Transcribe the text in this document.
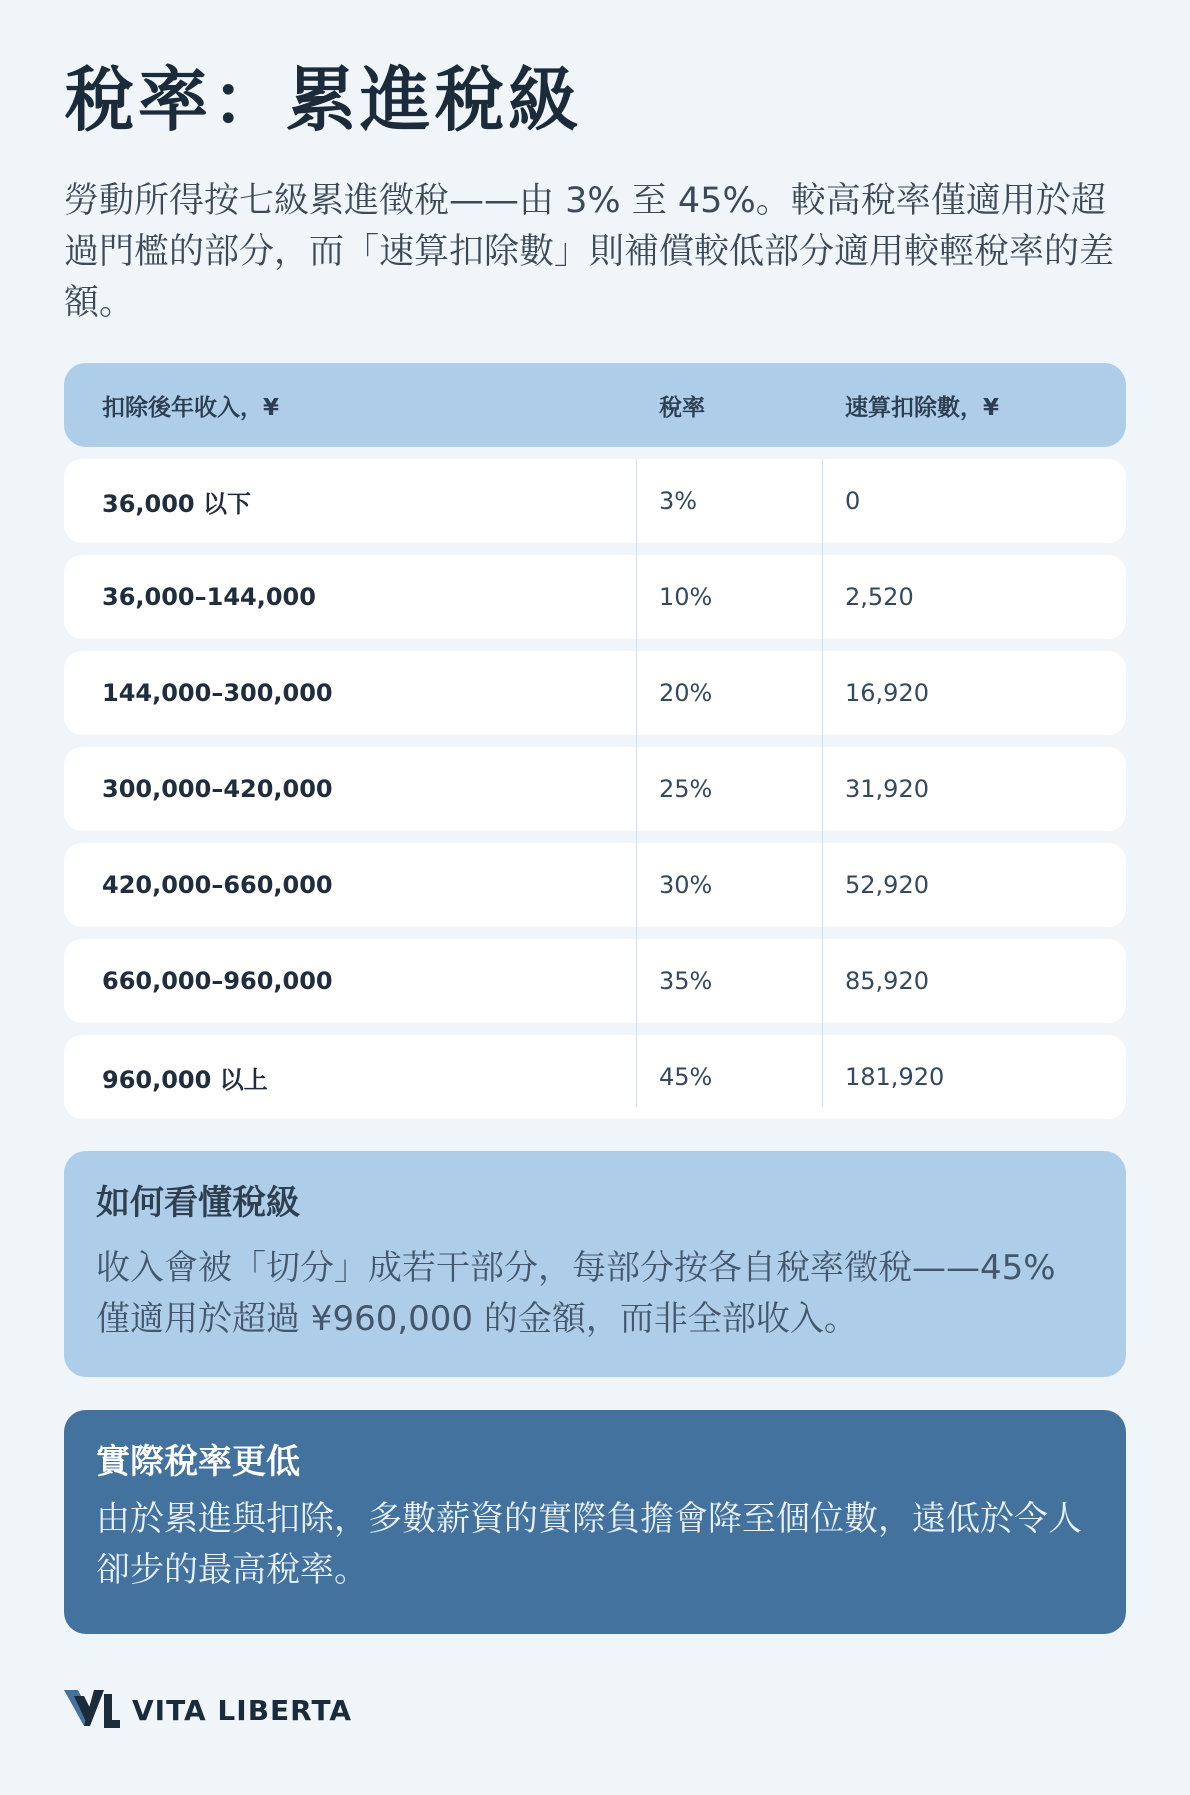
稅率：累進稅級

勞動所得按七級累進徵稅——由 3% 至 45%。較高稅率僅適用於超過門檻的部分，而「速算扣除數」則補償較低部分適用較輕稅率的差額。

扣除後年收入，¥	稅率	速算扣除數，¥
36,000 以下	3%	0
36,000–144,000	10%	2,520
144,000–300,000	20%	16,920
300,000–420,000	25%	31,920
420,000–660,000	30%	52,920
660,000–960,000	35%	85,920
960,000 以上	45%	181,920
如何看懂稅級

收入會被「切分」成若干部分，每部分按各自稅率徵稅——45% 僅適用於超過 ¥960,000 的金額，而非全部收入。

實際稅率更低

由於累進與扣除，多數薪資的實際負擔會降至個位數，遠低於令人卻步的最高稅率。

VITA LIBERTA
